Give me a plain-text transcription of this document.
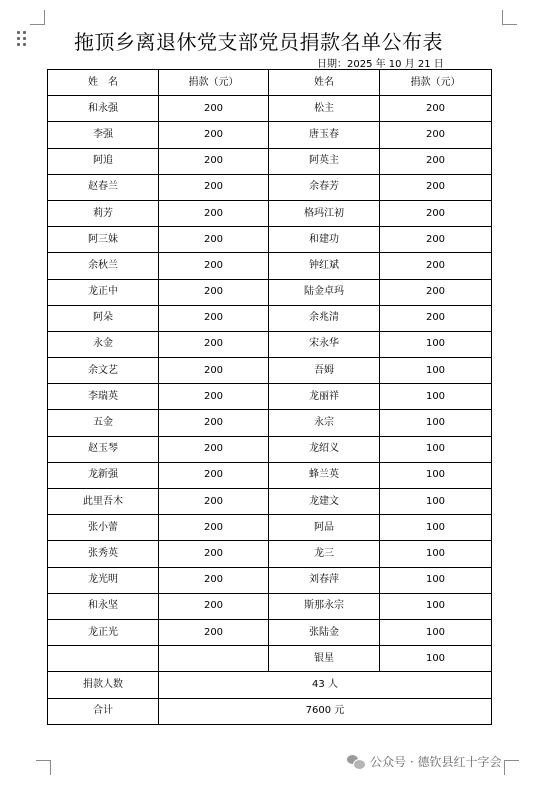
拖顶乡离退休党支部党员捐款名单公布表
日期：2025 年 10 月 21 日
姓　名	捐款（元）	姓名	捐款（元）
和永强	200	松主	200
李强	200	唐玉春	200
阿追	200	阿英主	200
赵春兰	200	余春芳	200
莉芳	200	格玛江初	200
阿三妹	200	和建功	200
余秋兰	200	钟红斌	200
龙正中	200	陆金卓玛	200
阿朵	200	余兆清	200
永金	200	宋永华	100
余文艺	200	吾姆	100
李瑞英	200	龙丽祥	100
五金	200	永宗	100
赵玉琴	200	龙绍义	100
龙新强	200	蜂兰英	100
此里吾木	200	龙建文	100
张小蕾	200	阿品	100
张秀英	200	龙三	100
龙光明	200	刘春萍	100
和永坚	200	斯那永宗	100
龙正光	200	张陆金	100
		银星	100
捐款人数	43 人		
合计	7600 元		
公众号 · 德钦县红十字会
